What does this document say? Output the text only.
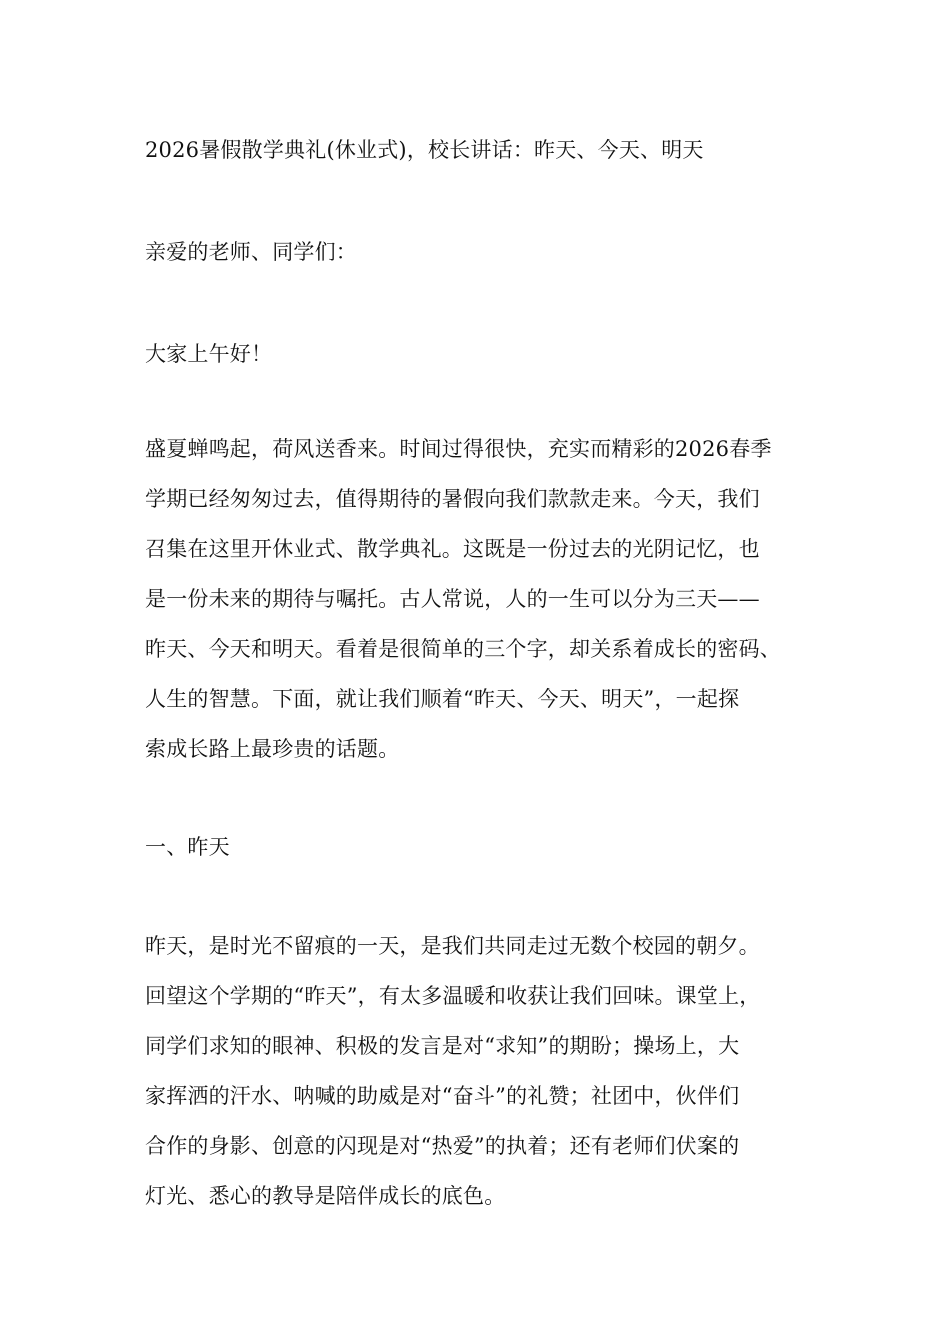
2026暑假散学典礼(休业式)，校长讲话：昨天、今天、明天
亲爱的老师、同学们：
大家上午好！
盛夏蝉鸣起，荷风送香来。时间过得很快，充实而精彩的2026春季
学期已经匆匆过去，值得期待的暑假向我们款款走来。今天，我们
召集在这里开休业式、散学典礼。这既是一份过去的光阴记忆，也
是一份未来的期待与嘱托。古人常说，人的一生可以分为三天——
昨天、今天和明天。看着是很简单的三个字，却关系着成长的密码、
人生的智慧。下面，就让我们顺着“昨天、今天、明天”，一起探
索成长路上最珍贵的话题。
一、昨天
昨天，是时光不留痕的一天，是我们共同走过无数个校园的朝夕。
回望这个学期的“昨天”，有太多温暖和收获让我们回味。课堂上，
同学们求知的眼神、积极的发言是对“求知”的期盼；操场上，大
家挥洒的汗水、呐喊的助威是对“奋斗”的礼赞；社团中，伙伴们
合作的身影、创意的闪现是对“热爱”的执着；还有老师们伏案的
灯光、悉心的教导是陪伴成长的底色。
